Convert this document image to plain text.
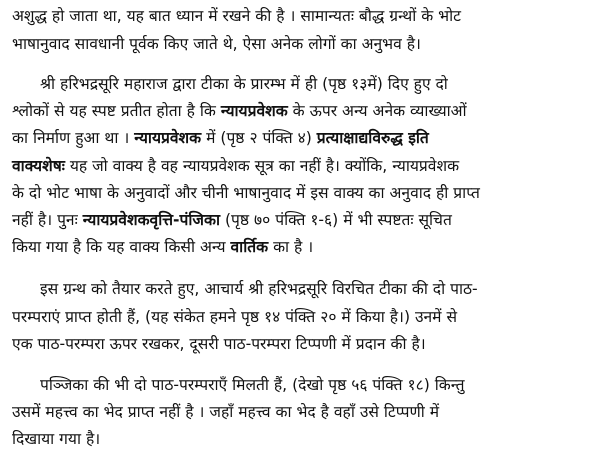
अशुद्ध हो जाता था, यह बात ध्यान में रखने की है । सामान्यतः बौद्ध ग्रन्थों के भोट
भाषानुवाद सावधानी पूर्वक किए जाते थे, ऐसा अनेक लोगों का अनुभव है।
श्री हरिभद्रसूरि महाराज द्वारा टीका के प्रारम्भ में ही (पृष्ठ १३में) दिए हुए दो
श्लोकों से यह स्पष्ट प्रतीत होता है कि न्यायप्रवेशक के ऊपर अन्य अनेक व्याख्याओं
का निर्माण हुआ था । न्यायप्रवेशक में (पृष्ठ २ पंक्ति ४) प्रत्याक्षाद्यविरुद्ध इति
वाक्यशेषः यह जो वाक्य है वह न्यायप्रवेशक सूत्र का नहीं है। क्योंकि, न्यायप्रवेशक
के दो भोट भाषा के अनुवादों और चीनी भाषानुवाद में इस वाक्य का अनुवाद ही प्राप्त
नहीं है। पुनः न्यायप्रवेशकवृत्ति-पंजिका (पृष्ठ ७० पंक्ति १-६) में भी स्पष्टतः सूचित
किया गया है कि यह वाक्य किसी अन्य वार्तिक का है ।
इस ग्रन्थ को तैयार करते हुए, आचार्य श्री हरिभद्रसूरि विरचित टीका की दो पाठ-
परम्पराएं प्राप्त होती हैं, (यह संकेत हमने पृष्ठ १४ पंक्ति २० में किया है।) उनमें से
एक पाठ-परम्परा ऊपर रखकर, दूसरी पाठ-परम्परा टिप्पणी में प्रदान की है।
पञ्जिका की भी दो पाठ-परम्पराएँ मिलती हैं, (देखो पृष्ठ ५६ पंक्ति १८) किन्तु
उसमें महत्त्व का भेद प्राप्त नहीं है । जहाँ महत्त्व का भेद है वहाँ उसे टिप्पणी में
दिखाया गया है।
